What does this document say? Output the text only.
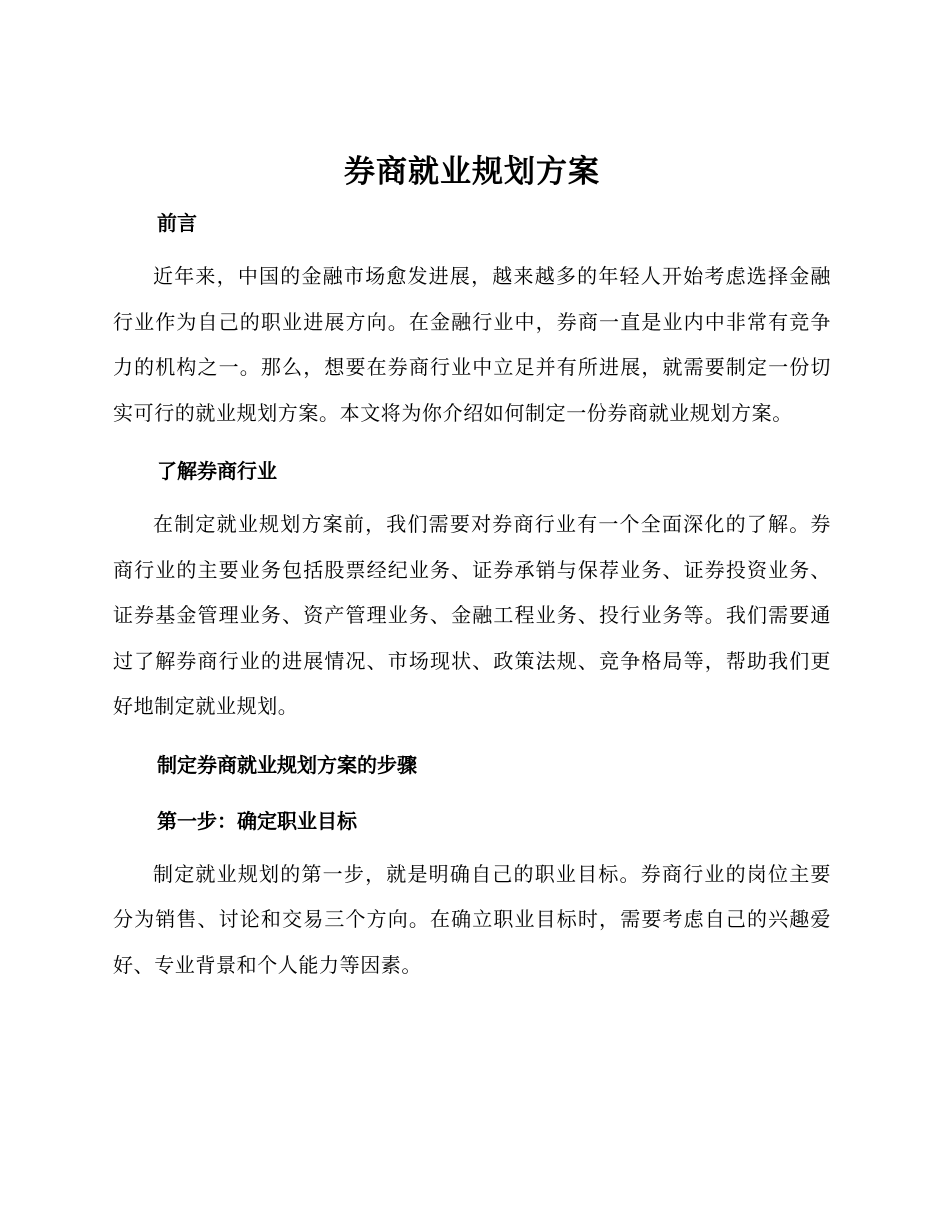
券商就业规划方案
前言

近年来，中国的金融市场愈发进展，越来越多的年轻人开始考虑选择金融行业作为自己的职业进展方向。在金融行业中，券商一直是业内中非常有竞争力的机构之一。那么，想要在券商行业中立足并有所进展，就需要制定一份切实可行的就业规划方案。本文将为你介绍如何制定一份券商就业规划方案。

了解券商行业

在制定就业规划方案前，我们需要对券商行业有一个全面深化的了解。券商行业的主要业务包括股票经纪业务、证券承销与保荐业务、证券投资业务、证券基金管理业务、资产管理业务、金融工程业务、投行业务等。我们需要通过了解券商行业的进展情况、市场现状、政策法规、竞争格局等，帮助我们更好地制定就业规划。

制定券商就业规划方案的步骤
第一步：确定职业目标

制定就业规划的第一步，就是明确自己的职业目标。券商行业的岗位主要分为销售、讨论和交易三个方向。在确立职业目标时，需要考虑自己的兴趣爱好、专业背景和个人能力等因素。
